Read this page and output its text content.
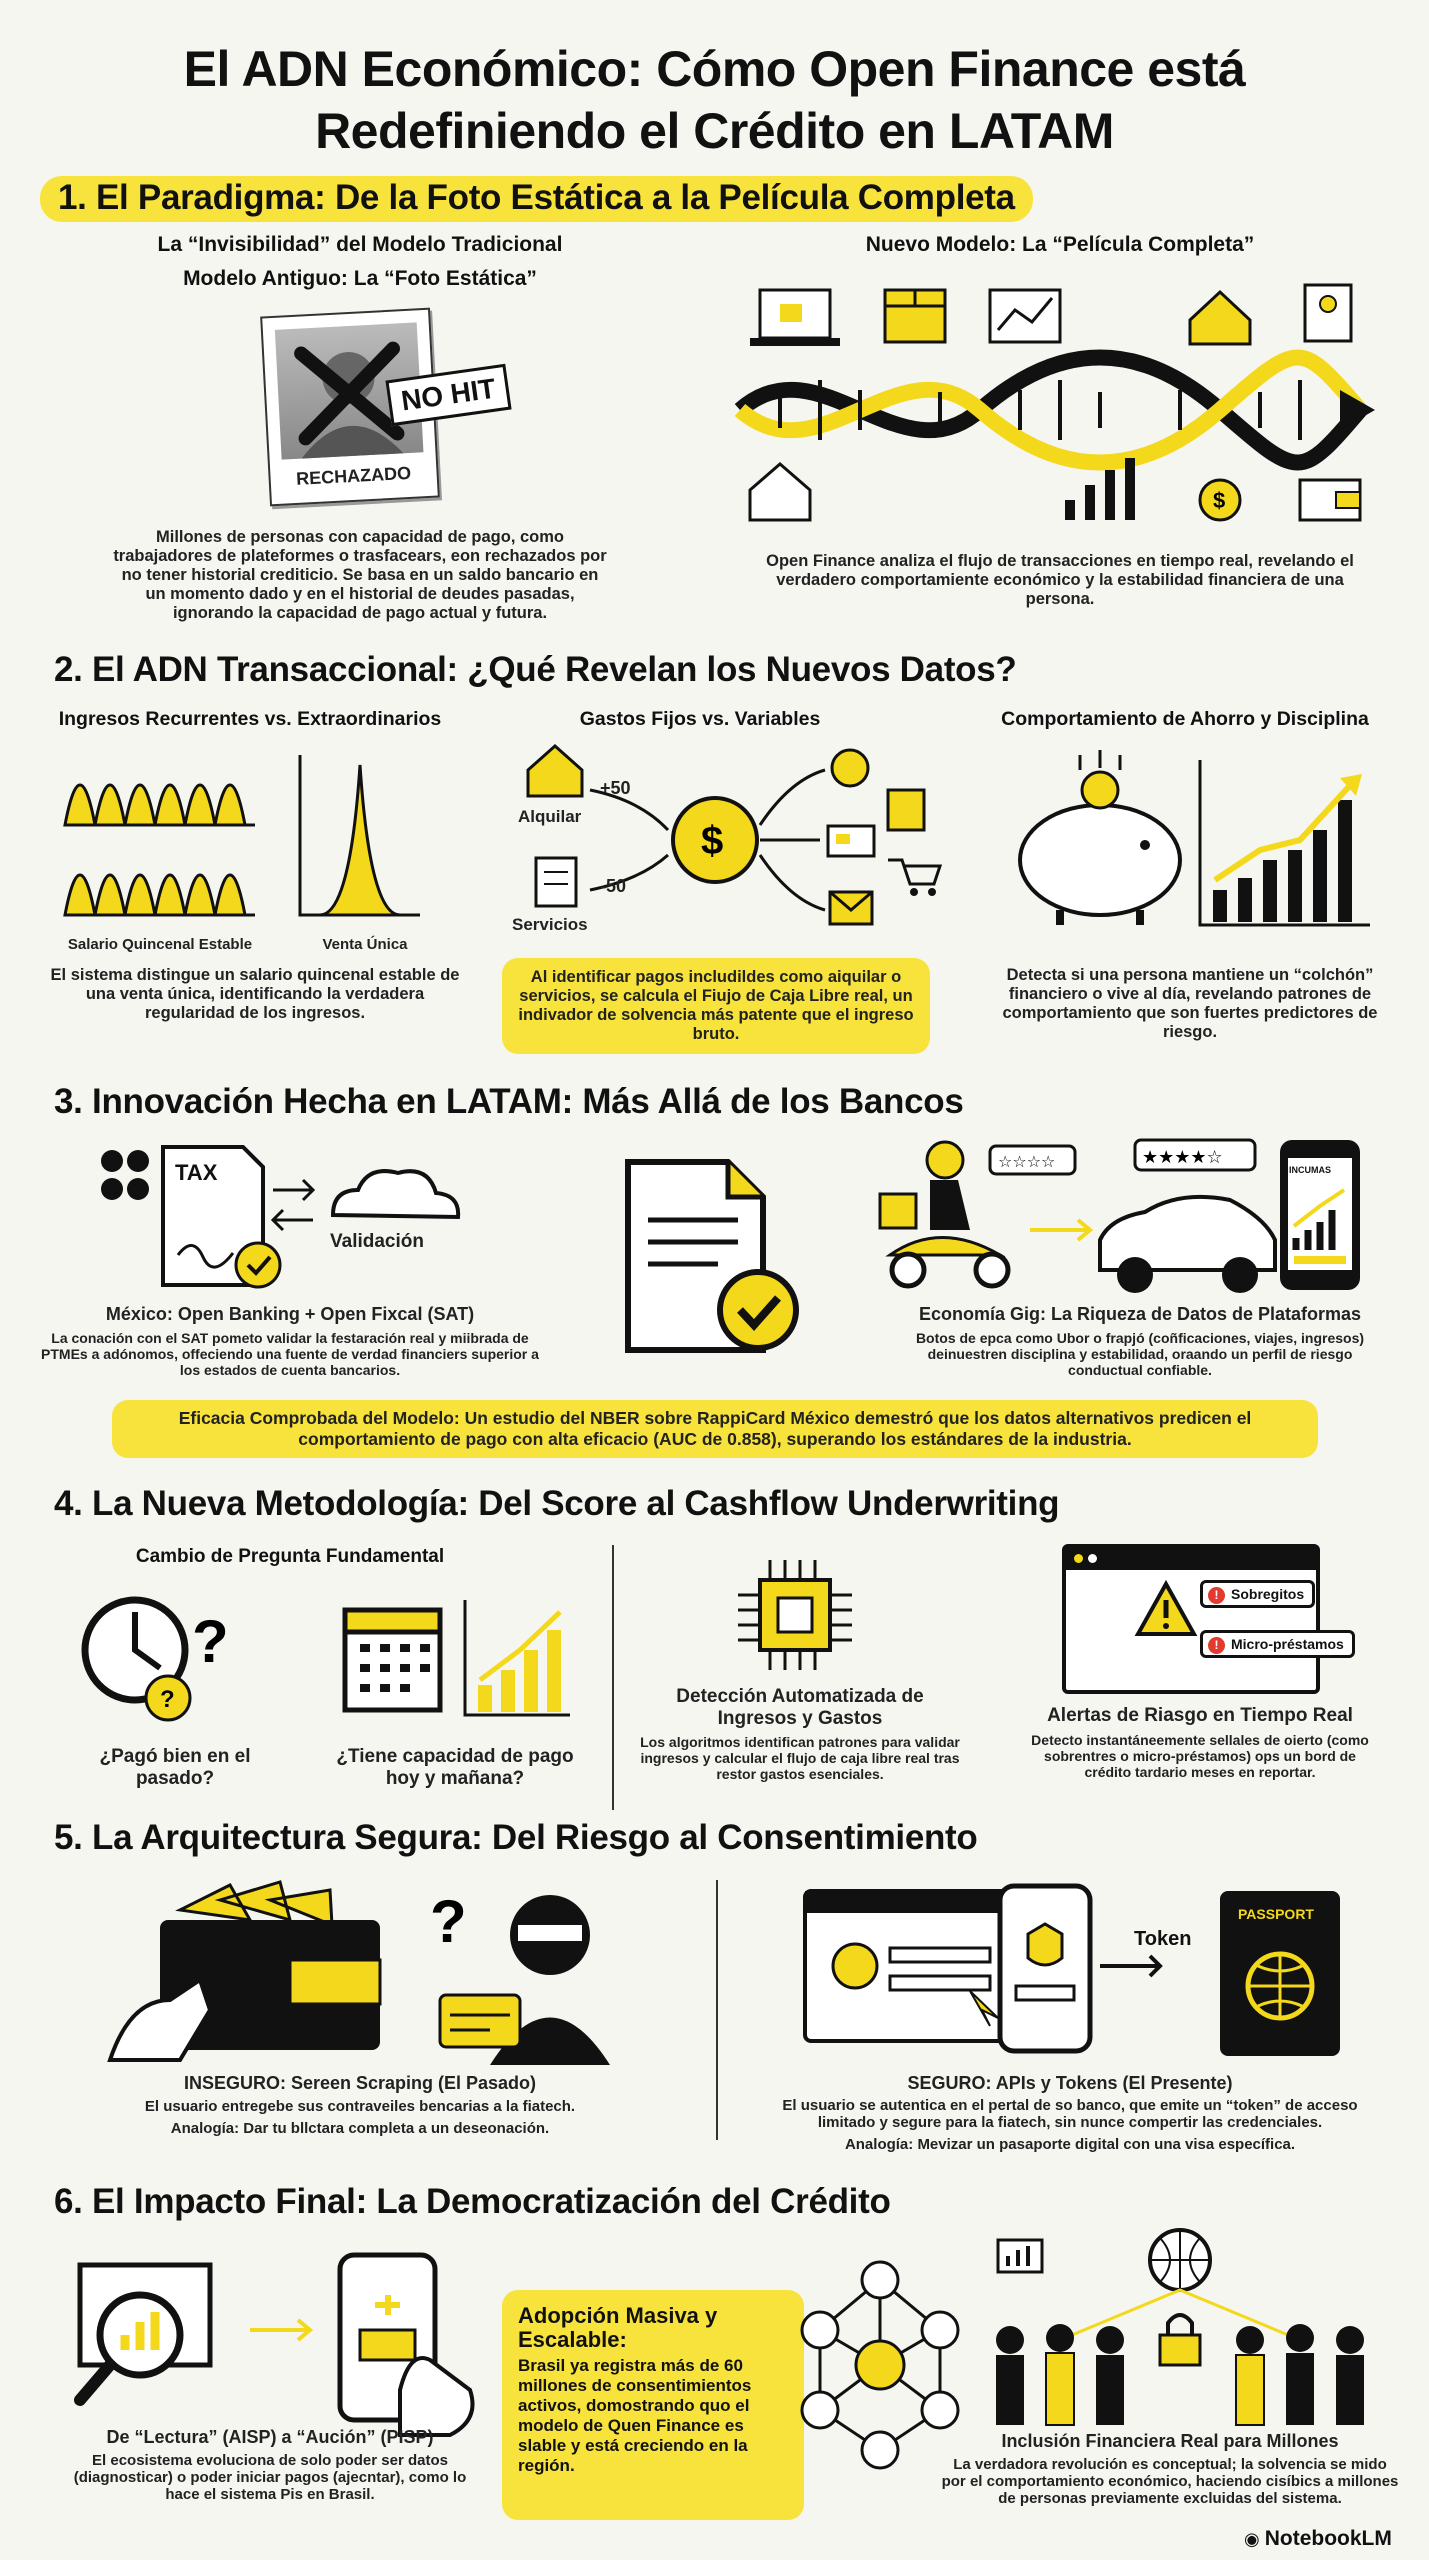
El ADN Económico: Cómo Open Finance está
Redefiniendo el Crédito en LATAM
1. El Paradigma: De la Foto Estática a la Película Completa
La “Invisibilidad” del Modelo Tradicional
Modelo Antiguo: La “Foto Estática”
RECHAZADO
NO HIT
Millones de personas con capacidad de pago, como trabajadores de plateformes o trasfacears, eon rechazados por no tener historial crediticio. Se basa en un saldo bancario en un momento dado y en el historial de deudes pasadas, ignorando la capacidad de pago actual y futura.
Nuevo Modelo: La “Película Completa”
$
Open Finance analiza el flujo de transacciones en tiempo real, revelando el verdadero comportamiente económico y la estabilidad financiera de una persona.
2. El ADN Transaccional: ¿Qué Revelan los Nuevos Datos?
Ingresos Recurrentes vs. Extraordinarios
Salario Quincenal Estable	Venta Única
El sistema distingue un salario quincenal estable de una venta única, identificando la verdadera regularidad de los ingresos.
Gastos Fijos vs. Variables
$
+50
-50
Alquilar
Servicios
Al identificar pagos includildes como aiquilar o servicios, se calcula el Fiujo de Caja Libre real, un indivador de solvencia más patente que el ingreso bruto.
Comportamiento de Ahorro y Disciplina
Detecta si una persona mantiene un “colchón” financiero o vive al día, revelando patrones de comportamiento que son fuertes predictores de riesgo.
3. Innovación Hecha en LATAM: Más Allá de los Bancos
TAX
Validación
México: Open Banking + Open Fixcal (SAT)
La conación con el SAT pometo validar la festaración real y miibrada de PTMEs a adónomos, offeciendo una fuente de verdad financiers superior a los estados de cuenta bancarios.
☆☆☆☆	★★★★☆
INCUMAS
Economía Gig: La Riqueza de Datos de Plataformas
Botos de epca como Ubor o frapjó (coñficaciones, viajes, ingresos) deinuestren disciplina y estabilidad, oraando un perfil de riesgo conductual confiable.
Eficacia Comprobada del Modelo: Un estudio del NBER sobre RappiCard México demestró que los datos alternativos predicen el comportamiento de pago con alta eficacio (AUC de 0.858), superando los estándares de la industria.
4. La Nueva Metodología: Del Score al Cashflow Underwriting
Cambio de Pregunta Fundamental
?
?
¿Pagó bien en el pasado?
¿Tiene capacidad de pago hoy y mañana?
Detección Automatizada de Ingresos y Gastos
Los algoritmos identifican patrones para validar ingresos y calcular el flujo de caja libre real tras restor gastos esenciales.
! Sobregitos
! Micro-préstamos
Alertas de Riasgo en Tiempo Real
Detecto instantáneemente sellales de oierto (como sobrentres o micro-préstamos) ops un bord de crédito tardario meses en reportar.
5. La Arquitectura Segura: Del Riesgo al Consentimiento
?
INSEGURO: Sereen Scraping (El Pasado)
El usuario entregebe sus contraveiles bencarias a la fiatech.
Analogía: Dar tu bllctara completa a un deseonación.
Token
PASSPORT
SEGURO: APIs y Tokens (El Presente)
El usuario se autentica en el pertal de so banco, que emite un “token” de acceso limitado y segure para la fiatech, sin nunce compertir las credenciales.
Analogía: Mevizar un pasaporte digital con una visa específica.
6. El Impacto Final: La Democratización del Crédito
De “Lectura” (AISP) a “Aución” (PISP)
El ecosistema evoluciona de solo poder ser datos (diagnosticar) o poder iniciar pagos (ajecntar), como lo hace el sistema Pis en Brasil.
Adopción Masiva y Escalable:
Brasil ya registra más de 60 millones de consentimientos activos, domostrando quo el modelo de Quen Finance es slable y está creciendo en la región.
Inclusión Financiera Real para Millones
La verdadora revolución es conceptual; la solvencia se mido por el comportamiento económico, haciendo cisíbics a millones de personas previamente excluidas del sistema.
◉ NotebookLM
